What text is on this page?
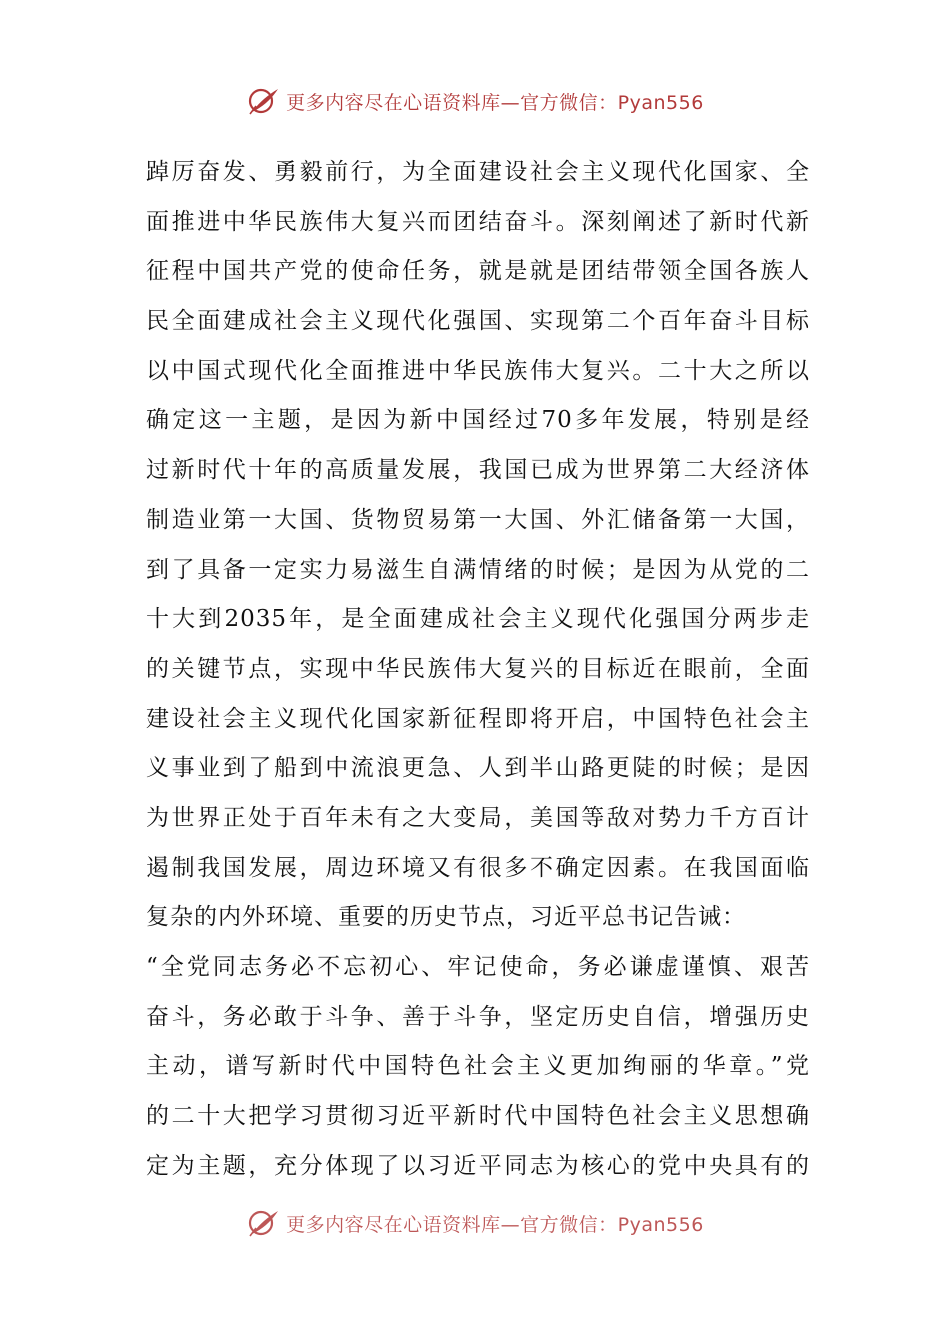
更多内容尽在心语资料库—官方微信：Pyan556
踔厉奋发、勇毅前行，为全面建设社会主义现代化国家、全
面推进中华民族伟大复兴而团结奋斗。深刻阐述了新时代新
征程中国共产党的使命任务，就是就是团结带领全国各族人
民全面建成社会主义现代化强国、实现第二个百年奋斗目标
以中国式现代化全面推进中华民族伟大复兴。二十大之所以
确定这一主题，是因为新中国经过70多年发展，特别是经
过新时代十年的高质量发展，我国已成为世界第二大经济体
制造业第一大国、货物贸易第一大国、外汇储备第一大国，
到了具备一定实力易滋生自满情绪的时候；是因为从党的二
十大到2035年，是全面建成社会主义现代化强国分两步走
的关键节点，实现中华民族伟大复兴的目标近在眼前，全面
建设社会主义现代化国家新征程即将开启，中国特色社会主
义事业到了船到中流浪更急、人到半山路更陡的时候；是因
为世界正处于百年未有之大变局，美国等敌对势力千方百计
遏制我国发展，周边环境又有很多不确定因素。在我国面临
复杂的内外环境、重要的历史节点，习近平总书记告诫：
“全党同志务必不忘初心、牢记使命，务必谦虚谨慎、艰苦
奋斗，务必敢于斗争、善于斗争，坚定历史自信，增强历史
主动，谱写新时代中国特色社会主义更加绚丽的华章。”党
的二十大把学习贯彻习近平新时代中国特色社会主义思想确
定为主题，充分体现了以习近平同志为核心的党中央具有的
更多内容尽在心语资料库—官方微信：Pyan556
